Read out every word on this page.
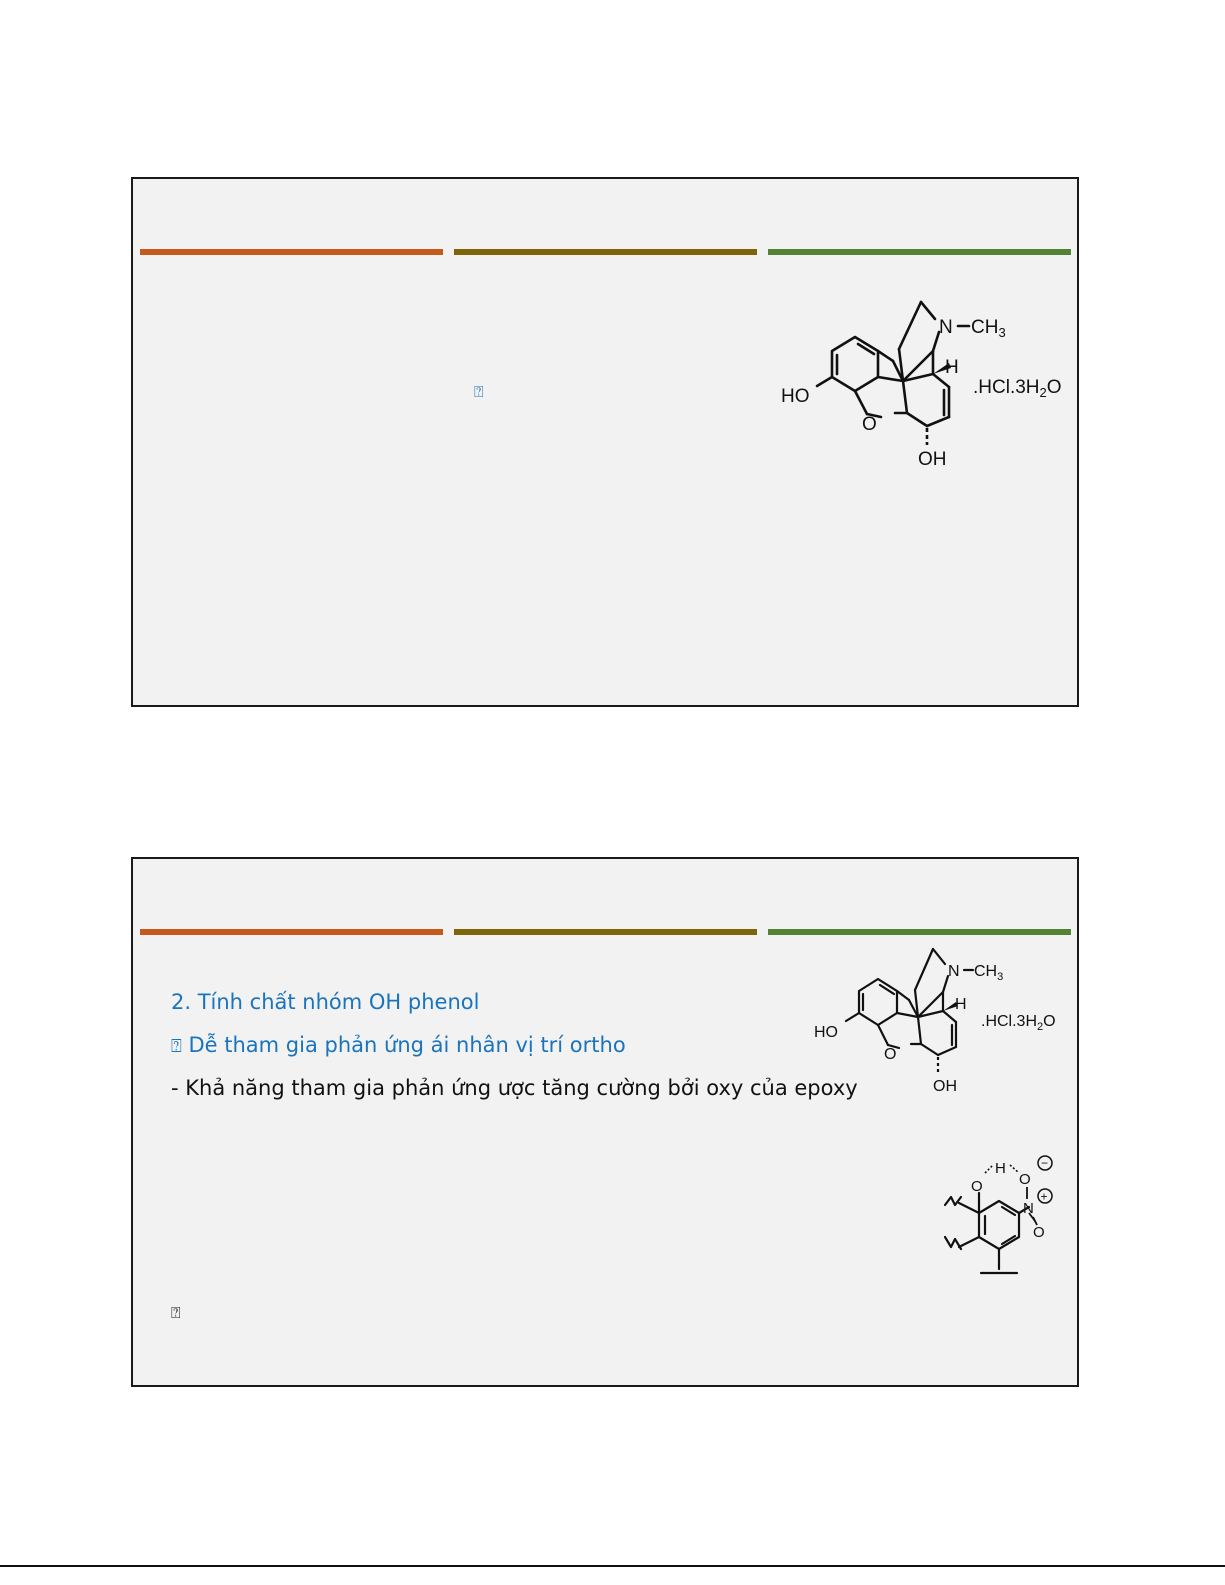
⍰	HO
O
OH
N $CH_3$
H
$.HCl.3H_2O$
2. Tính chất nhóm OH phenol
⍰ Dễ tham gia phản ứng ái nhân vị trí ortho
- Khả năng tham gia phản ứng ược tăng cường bởi oxy của epoxy
⍰
HO
O
OH
N $CH_3$
H
$.HCl.3H_2O$
O
H
O
N
O
−
+
